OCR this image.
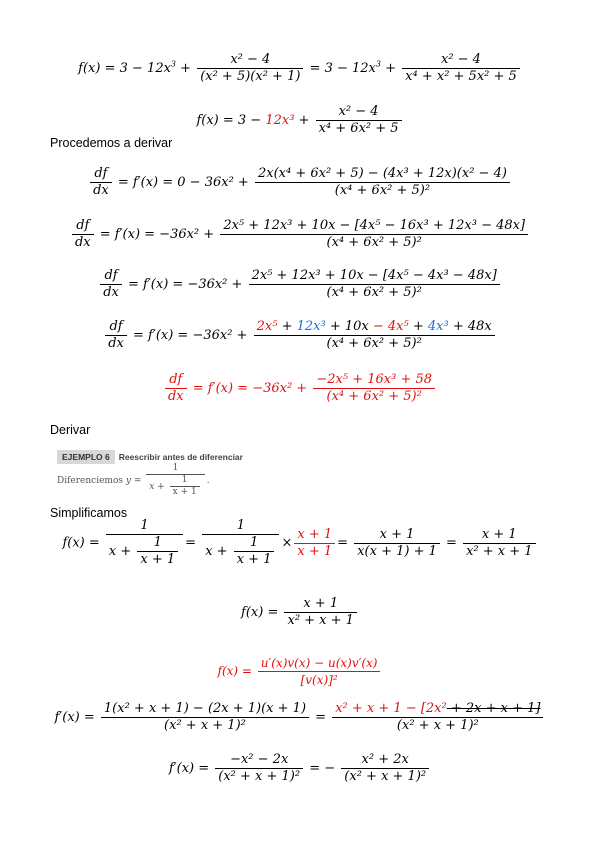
$f(x) = 3 - 12x^3 + \frac{\text{x² − 4}}{\text{(x² + 5)(x² + 1)}} = 3 - 12x^3 + \frac{\text{x² − 4}}{\text{x⁴ + x² + 5x² + 5}}$
$f(x) = 3 - 12x^3 + \frac{\text{x² − 4}}{\text{x⁴ + 6x² + 5}}$
Procedemos a derivar
$\frac{df}{dx} = f'(x) = 0 - 36x^2 + \frac{\text{2x(x⁴ + 6x² + 5) − (4x³ + 12x)(x² − 4)}}{\text{(x⁴ + 6x² + 5)²}}$
$\frac{df}{dx} = f'(x) = -36x^2 + \frac{\text{2x⁵ + 12x³ + 10x − [4x⁵ − 16x³ + 12x³ − 48x]}}{\text{(x⁴ + 6x² + 5)²}}$
$\frac{df}{dx} = f'(x) = -36x^2 + \frac{\text{2x⁵ + 12x³ + 10x − [4x⁵ − 4x³ − 48x]}}{\text{(x⁴ + 6x² + 5)²}}$
$\frac{df}{dx} = f'(x) = -36x^2 + \frac{\text{2x⁵ + 12x³ + 10x − 4x⁵ + 4x³ + 48x}}{\text{(x⁴ + 6x² + 5)²}}$
$\frac{df}{dx} = f'(x) = -36x^2 + \frac{\text{−2x⁵ + 16x³ + 58}}{\text{(x⁴ + 6x² + 5)²}}$
Derivar
EJEMPLO 6 Reescribir antes de diferenciar
Diferenciemos $y = \frac{1}{x + \frac{1}{x + 1}}$ .
Simplificamos
$f(x) = \frac{1}{x + \frac{1}{x + 1}} = \frac{1}{x + \frac{1}{x + 1}} \times \frac{x + 1}{x + 1} = \frac{x + 1}{x(x + 1) + 1} = \frac{x + 1}{\text{x² + x + 1}}$
$f(x) = \frac{x + 1}{\text{x² + x + 1}}$
$f(x) = \frac{u'(x)v(x) - u(x)v'(x)}{\text{[v(x)]²}}$
$f'(x) = \frac{\text{1(x² + x + 1) − (2x + 1)(x + 1)}}{\text{(x² + x + 1)²}} = \frac{\text{x² + x + 1 − [2x² + 2x + x + 1]}}{\text{(x² + x + 1)²}}$
$f'(x) = \frac{\text{−x² − 2x}}{\text{(x² + x + 1)²}}$ = − $\frac{\text{x² + 2x}}{\text{(x² + x + 1)²}}$
